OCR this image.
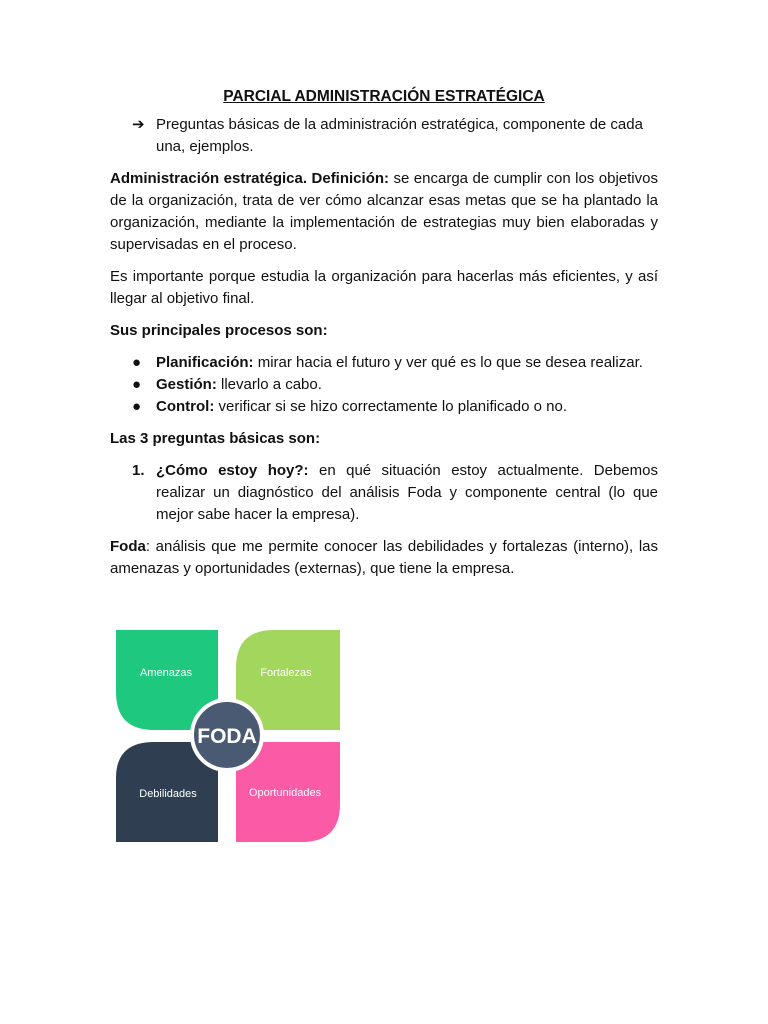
PARCIAL ADMINISTRACIÓN ESTRATÉGICA
➔ Preguntas básicas de la administración estratégica, componente de cada una, ejemplos.

Administración estratégica. Definición: se encarga de cumplir con los objetivos de la organización, trata de ver cómo alcanzar esas metas que se ha plantado la organización, mediante la implementación de estrategias muy bien elaboradas y supervisadas en el proceso.

Es importante porque estudia la organización para hacerlas más eficientes, y así llegar al objetivo final.

Sus principales procesos son:

● Planificación: mirar hacia el futuro y ver qué es lo que se desea realizar.
● Gestión: llevarlo a cabo.
● Control: verificar si se hizo correctamente lo planificado o no.

Las 3 preguntas básicas son:

1. ¿Cómo estoy hoy?: en qué situación estoy actualmente. Debemos realizar un diagnóstico del análisis Foda y componente central (lo que mejor sabe hacer la empresa).

Foda: análisis que me permite conocer las debilidades y fortalezas (interno), las amenazas y oportunidades (externas), que tiene la empresa.

Amenazas	Fortalezas
Debilidades	Oportunidades
FODA
